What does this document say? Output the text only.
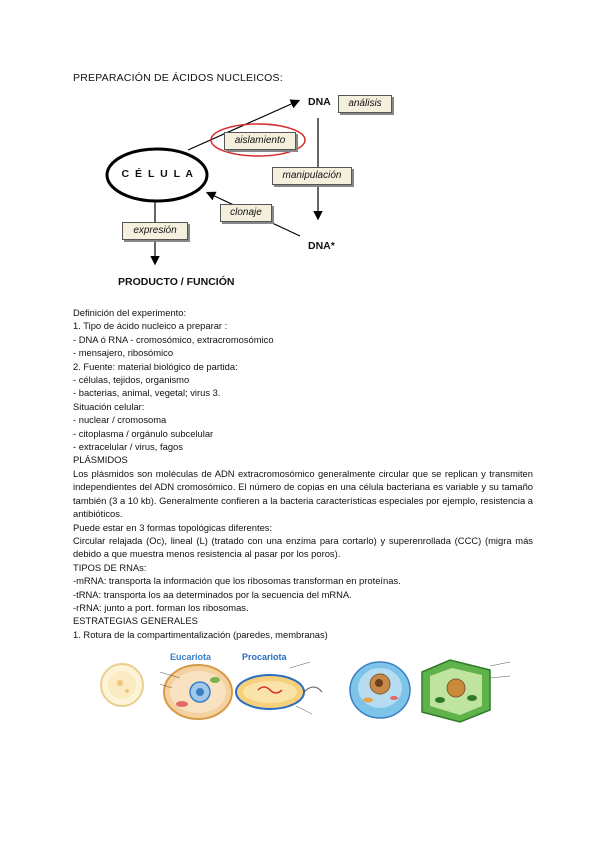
PREPARACIÓN DE ÁCIDOS NUCLEICOS:
DNA
DNA*
C É L U L A
PRODUCTO / FUNCIÓN
análisis
aislamiento
manipulación
clonaje
expresión
Definición del experimento:
1. Tipo de ácido nucleico a preparar :
- DNA ó RNA - cromosómico, extracromosómico
- mensajero, ribosómico
2. Fuente: material biológico de partida:
- células, tejidos, organismo
- bacterias, animal, vegetal; virus 3.
Situación celular:
- nuclear / cromosoma
- citoplasma / orgánulo subcelular
- extracelular / virus, fagos
PLÁSMIDOS
Los plásmidos son moléculas de ADN extracromosómico generalmente circular que se replican y transmiten independientes del ADN cromosómico. El número de copias en una célula bacteriana es variable y su tamaño también (3 a 10 kb). Generalmente confieren a la bacteria características especiales por ejemplo, resistencia a antibióticos.
Puede estar en 3 formas topológicas diferentes:
Circular relajada (Oc), lineal (L) (tratado con una enzima para cortarlo) y superenrollada (CCC) (migra más debido a que muestra menos resistencia al pasar por los poros).
TIPOS DE RNAs:
-mRNA: transporta la información que los ribosomas transforman en proteínas.
-tRNA: transporta los aa determinados por la secuencia del mRNA.
-rRNA: junto a port. forman los ribosomas.
ESTRATEGIAS GENERALES
1. Rotura de la compartimentalización (paredes, membranas)
Eucariota	Procariota
